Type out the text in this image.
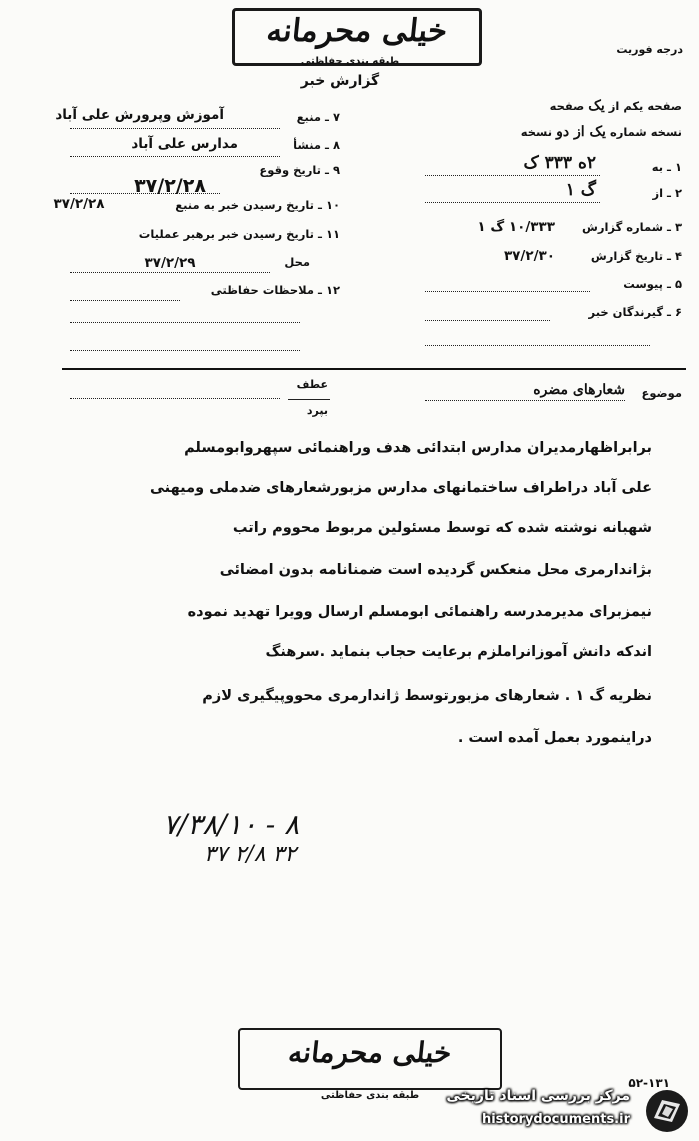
خیلی محرمانه
طبقه بندی حفاظتی
گزارش خبر
درجه فوریت
۷ ـ منبع
آموزش وپرورش علی آباد
۸ ـ منشأ
مدارس علی آباد
۹ ـ تاریخ وقوع
۳۷/۲/۲۸
۱۰ ـ تاریخ رسیدن خبر به منبع
۳۷/۲/۲۸
۱۱ ـ تاریخ رسیدن خبر برهبر عملیات
محل
۳۷/۲/۲۹
۱۲ ـ ملاحظات حفاظتی
صفحه یکم از یک صفحه
نسخه شماره یک از دو نسخه
۱ ـ به
۲ه ۳۳۳ ک
۲ ـ از
گ ۱
۳ ـ شماره گزارش
۱۰/۳۳۳ گ ۱
۴ ـ تاریخ گزارش
۳۷/۲/۳۰
۵ ـ پیوست
۶ ـ گیرندگان خبر
موضوع
شعارهای مضره
عطف
بپرد
برابراظهارمدیران مدارس ابتدائی هدف وراهنمائی سپهروابومسلم
علی آباد دراطراف ساختمانهای مدارس مزبورشعارهای ضدملی ومیهنی
شهبانه نوشته شده که توسط مسئولین مربوط محووم راتب
بژاندارمری محل منعکس گردیده است ضمنانامه بدون امضائی
نیمزبرای مدیرمدرسه راهنمائی ابومسلم ارسال وویرا تهدید نموده
اندکه دانش آموزانراملزم برعایت حجاب بنماید .سرهنگ
نظریه گ ۱ . شعارهای مزبورتوسط ژاندارمری محووپیگیری لازم
دراینمورد بعمل آمده است .
۷/۳۸/۱۰ - ۸
۳۷ ۲/۸ ۳۲
خیلی محرمانه
طبقه بندی حفاظتی
۵۲-۱۳۱
مرکز بررسی اسناد تاریخی
historydocuments.ir
